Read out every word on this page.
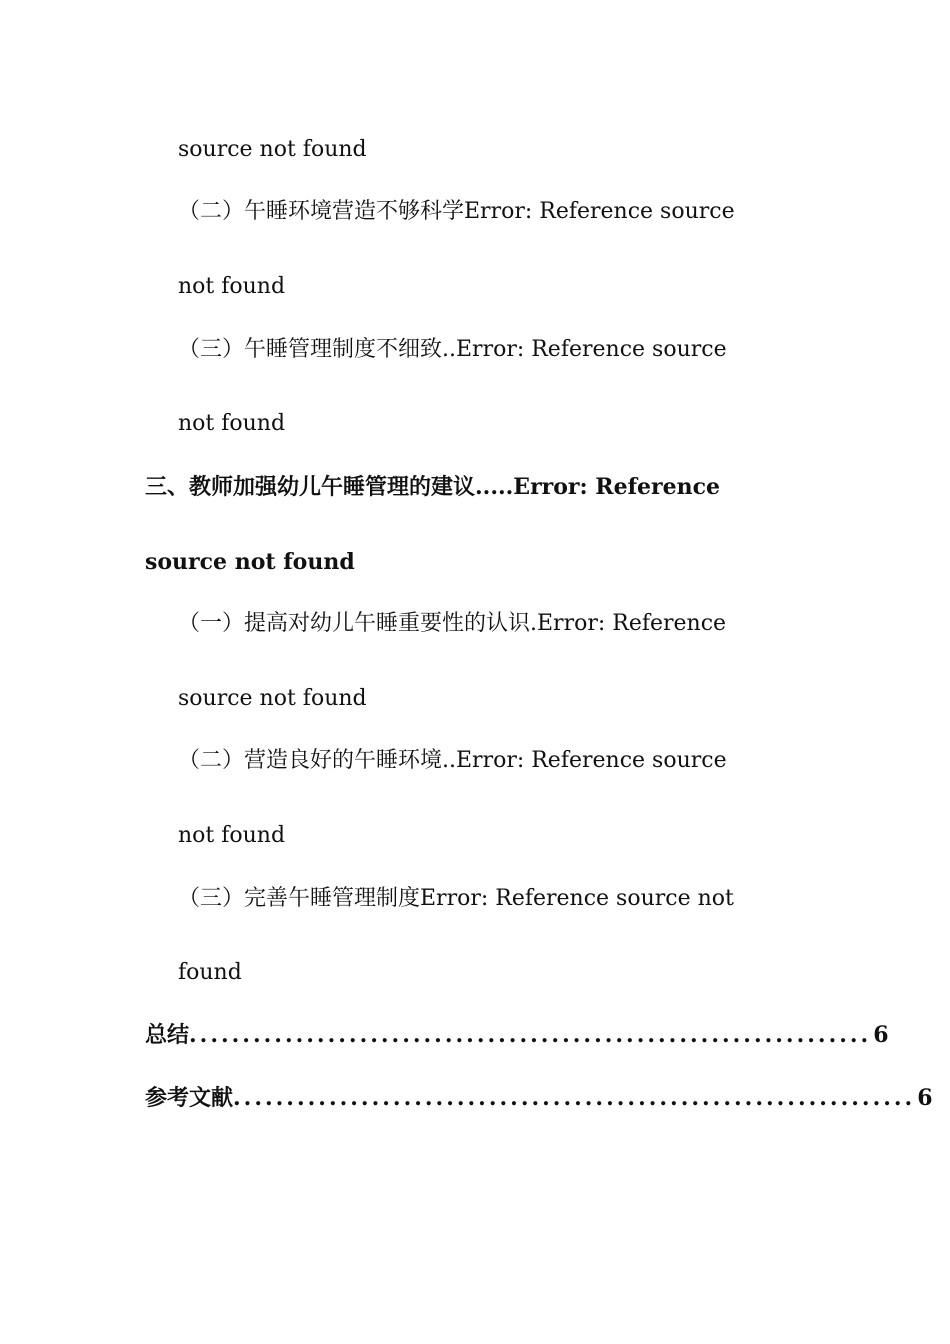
source not found
（二）午睡环境营造不够科学Error: Reference source
not found
（三）午睡管理制度不细致..Error: Reference source
not found
三、教师加强幼儿午睡管理的建议.....Error: Reference
source not found
（一）提高对幼儿午睡重要性的认识.Error: Reference
source not found
（二）营造良好的午睡环境..Error: Reference source
not found
（三）完善午睡管理制度Error: Reference source not
found
总结 ................................................................ 6
参考文献 ................................................................ 6
